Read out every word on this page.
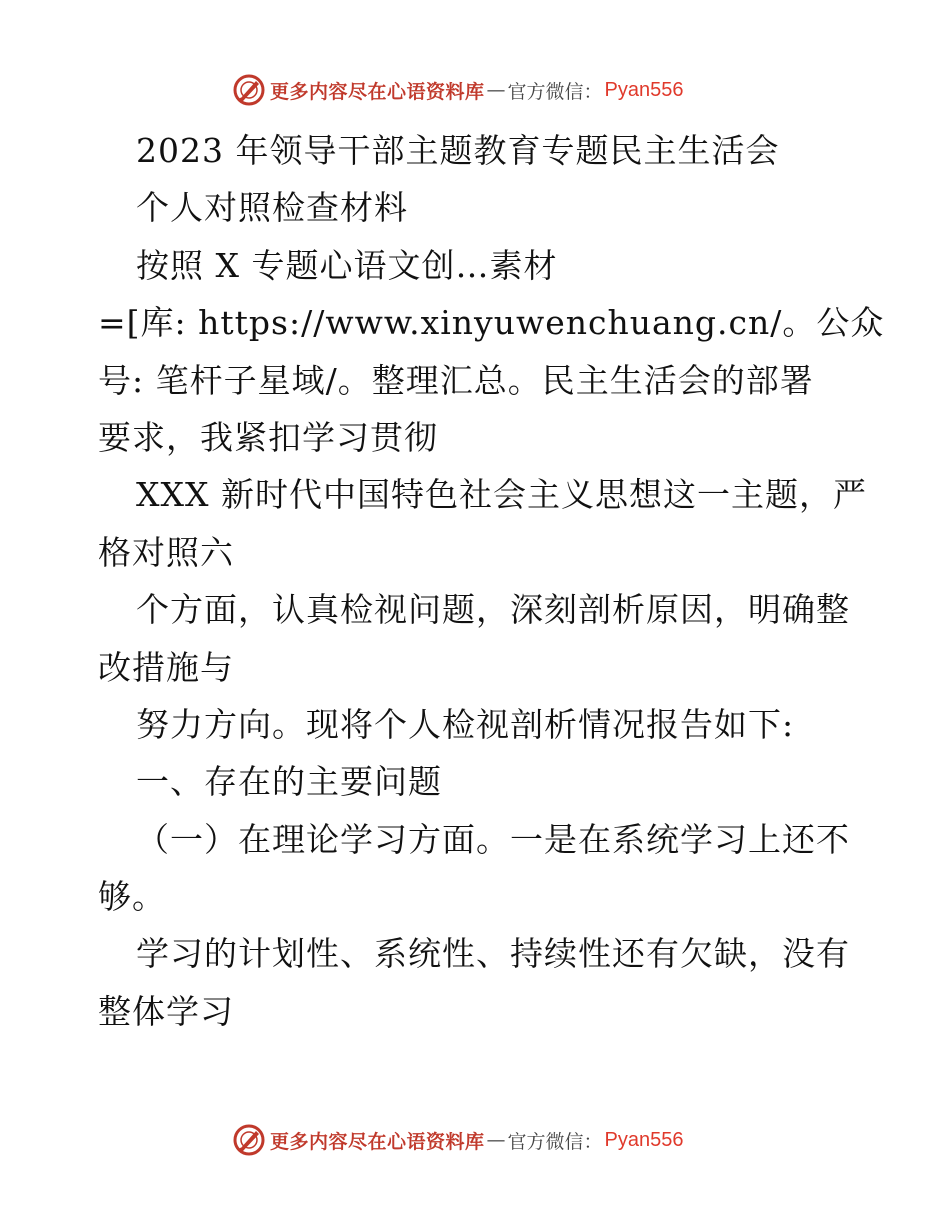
更多内容尽在心语资料库 — 官方微信： Pyan556
2023 年领导干部主题教育专题民主生活会
个人对照检查材料
按照 X 专题心语文创…素材
=[库: https://www.xinyuwenchuang.cn/。公众
号: 笔杆子星域/。整理汇总。民主生活会的部署
要求，我紧扣学习贯彻
XXX 新时代中国特色社会主义思想这一主题，严
格对照六
个方面，认真检视问题，深刻剖析原因，明确整
改措施与
努力方向。现将个人检视剖析情况报告如下:
一、存在的主要问题
（一）在理论学习方面。一是在系统学习上还不
够。
学习的计划性、系统性、持续性还有欠缺，没有
整体学习
更多内容尽在心语资料库 — 官方微信： Pyan556
